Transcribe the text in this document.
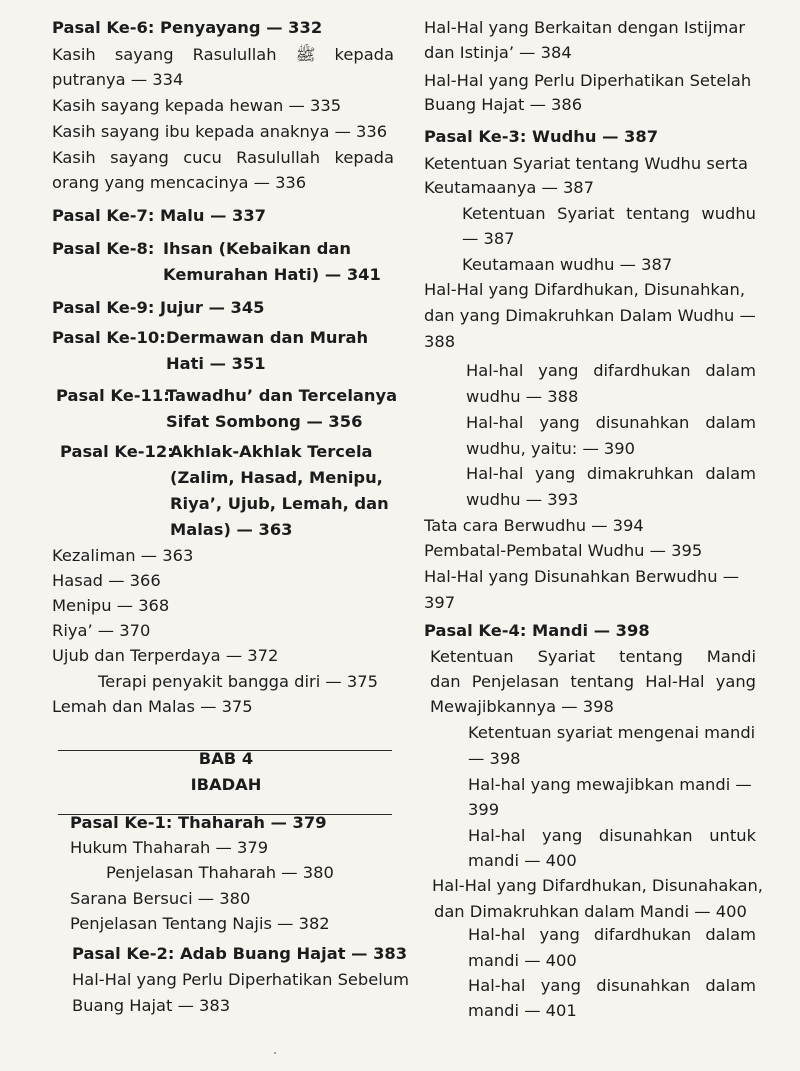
Pasal Ke-6: Penyayang — 332
Kasih sayang Rasulullah ﷺ kepada
putranya — 334
Kasih sayang kepada hewan — 335
Kasih sayang ibu kepada anaknya — 336
Kasih sayang cucu Rasulullah kepada
orang yang mencacinya — 336
Pasal Ke-7: Malu — 337
Pasal Ke-8: Ihsan (Kebaikan dan
Kemurahan Hati) — 341
Pasal Ke-9: Jujur — 345
Pasal Ke-10: Dermawan dan Murah
Hati — 351
Pasal Ke-11:
Tawadhu’ dan Tercelanya
Sifat Sombong — 356
Pasal Ke-12:
Akhlak-Akhlak Tercela
(Zalim, Hasad, Menipu,
Riya’, Ujub, Lemah, dan
Malas) — 363
Kezaliman — 363
Hasad — 366
Menipu — 368
Riya’ — 370
Ujub dan Terperdaya — 372
Terapi penyakit bangga diri — 375
Lemah dan Malas — 375
BAB 4
IBADAH
Pasal Ke-1: Thaharah — 379
Hukum Thaharah — 379
Penjelasan Thaharah — 380
Sarana Bersuci — 380
Penjelasan Tentang Najis — 382
Pasal Ke-2: Adab Buang Hajat — 383
Hal-Hal yang Perlu Diperhatikan Sebelum
Buang Hajat — 383
Hal-Hal yang Berkaitan dengan Istijmar
dan Istinja’ — 384
Hal-Hal yang Perlu Diperhatikan Setelah
Buang Hajat — 386
Pasal Ke-3: Wudhu — 387
Ketentuan Syariat tentang Wudhu serta
Keutamaanya — 387
Ketentuan Syariat tentang wudhu
— 387
Keutamaan wudhu — 387
Hal-Hal yang Difardhukan, Disunahkan,
dan yang Dimakruhkan Dalam Wudhu —
388
Hal-hal yang difardhukan dalam
wudhu — 388
Hal-hal yang disunahkan dalam
wudhu, yaitu: — 390
Hal-hal yang dimakruhkan dalam
wudhu — 393
Tata cara Berwudhu — 394
Pembatal-Pembatal Wudhu — 395
Hal-Hal yang Disunahkan Berwudhu —
397
Pasal Ke-4: Mandi — 398
Ketentuan Syariat tentang Mandi
dan Penjelasan tentang Hal-Hal yang
Mewajibkannya — 398
Ketentuan syariat mengenai mandi
— 398
Hal-hal yang mewajibkan mandi —
399
Hal-hal yang disunahkan untuk
mandi — 400
Hal-Hal yang Difardhukan, Disunahakan,
dan Dimakruhkan dalam Mandi — 400
Hal-hal yang difardhukan dalam
mandi — 400
Hal-hal yang disunahkan dalam
mandi — 401
